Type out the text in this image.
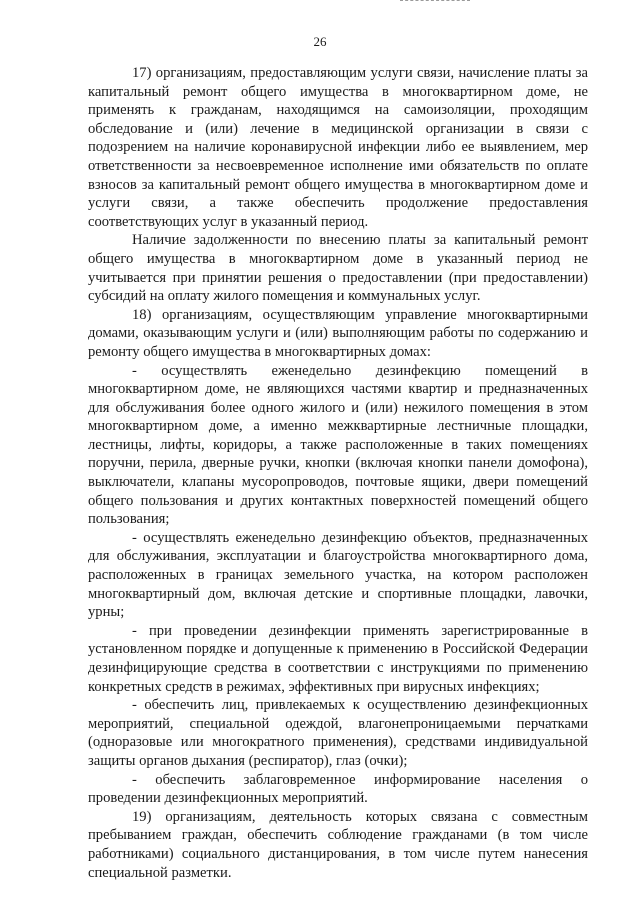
26

17) организациям, предоставляющим услуги связи, начисление платы за капитальный ремонт общего имущества в многоквартирном доме, не применять к гражданам, находящимся на самоизоляции, проходящим обследование и (или) лечение в медицинской организации в связи с подозрением на наличие коронавирусной инфекции либо ее выявлением, мер ответственности за несвоевременное исполнение ими обязательств по оплате взносов за капитальный ремонт общего имущества в многоквартирном доме и услуги связи, а также обеспечить продолжение предоставления соответствующих услуг в указанный период.

Наличие задолженности по внесению платы за капитальный ремонт общего имущества в многоквартирном доме в указанный период не учитывается при принятии решения о предоставлении (при предоставлении) субсидий на оплату жилого помещения и коммунальных услуг.

18) организациям, осуществляющим управление многоквартирными домами, оказывающим услуги и (или) выполняющим работы по содержанию и ремонту общего имущества в многоквартирных домах:

- осуществлять еженедельно дезинфекцию помещений в многоквартирном доме, не являющихся частями квартир и предназначенных для обслуживания более одного жилого и (или) нежилого помещения в этом многоквартирном доме, а именно межквартирные лестничные площадки, лестницы, лифты, коридоры, а также расположенные в таких помещениях поручни, перила, дверные ручки, кнопки (включая кнопки панели домофона), выключатели, клапаны мусоропроводов, почтовые ящики, двери помещений общего пользования и других контактных поверхностей помещений общего пользования;

- осуществлять еженедельно дезинфекцию объектов, предназначенных для обслуживания, эксплуатации и благоустройства многоквартирного дома, расположенных в границах земельного участка, на котором расположен многоквартирный дом, включая детские и спортивные площадки, лавочки, урны;

- при проведении дезинфекции применять зарегистрированные в установленном порядке и допущенные к применению в Российской Федерации дезинфицирующие средства в соответствии с инструкциями по применению конкретных средств в режимах, эффективных при вирусных инфекциях;

- обеспечить лиц, привлекаемых к осуществлению дезинфекционных мероприятий, специальной одеждой, влагонепроницаемыми перчатками (одноразовые или многократного применения), средствами индивидуальной защиты органов дыхания (респиратор), глаз (очки);

- обеспечить заблаговременное информирование населения о проведении дезинфекционных мероприятий.

19) организациям, деятельность которых связана с совместным пребыванием граждан, обеспечить соблюдение гражданами (в том числе работниками) социального дистанцирования, в том числе путем нанесения специальной разметки.
